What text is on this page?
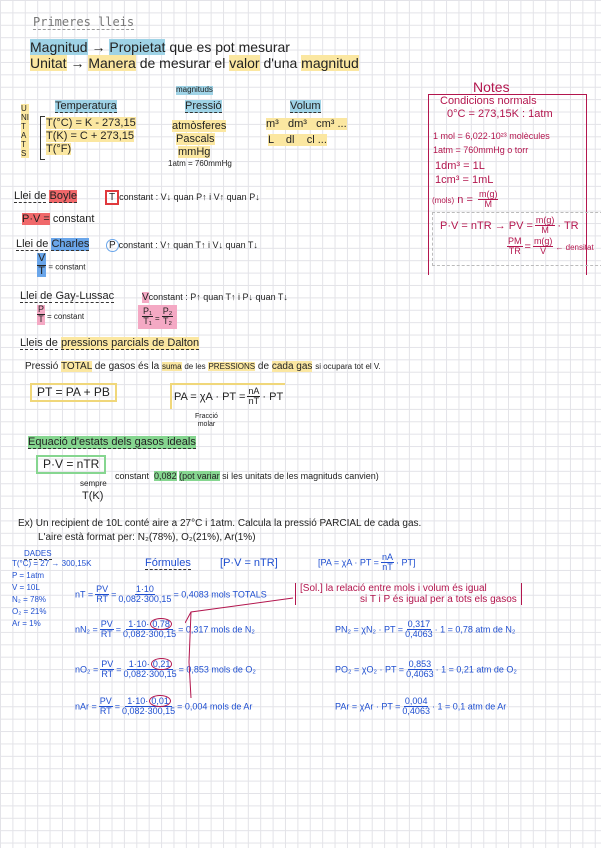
Primeres lleis
Magnitud → Propietat que es pot mesurar
Unitat → Manera de mesurar el valor d'una magnitud
magnituds
UNITATS
Temperatura
T(°C) = K - 273,15
T(K) = C + 273,15
T(°F)
Pressió
atmòsferes
Pascals
mmHg
1atm = 760mmHg
Volum
m³   dm³   cm³ ...
L    dl    cl ...
Notes
Condicions normals
0°C = 273,15K : 1atm
1 mol = 6,022·10²³ molècules
1atm = 760mmHg o torr
1dm³ = 1L
1cm³ = 1mL
(mols) $n = \frac{m(g)}{M}$
P·V = nTR → PV = $\frac{m(g)}{M}$ · TR
$\frac{PM}{TR} = \frac{m(g)}{V}$ ← densitat
Llei de Boyle	T constant : V↓ quan P↑ i V↑ quan P↓
P·V = constant
Llei de Charles	P constant : V↑ quan T↑ i V↓ quan T↓
$\frac{V}{T}$ = constant
Llei de Gay-Lussac	Vconstant : P↑ quan T↑ i P↓ quan T↓
$\frac{P}{T}$ = constant	$\frac{\text{P₁}}{\text{T₁}} = \frac{\text{P₂}}{\text{T₂}}$
Lleis de pressions parcials de Dalton
Pressió TOTAL de gasos és la suma de les PRESSIONS de cada gas si ocupara tot el V.
PT = PA + PB	PA = χA · PT = $\frac{nA}{nT}$ · PT
Fracció
molar
Equació d'estats dels gasos ideals
P·V = nTR
constant 0,082 (pot variar si les unitats de les magnituds canvien)
sempre
T(K)
Ex) Un recipient de 10L conté aire a 27°C i 1atm. Calcula la pressió PARCIAL de cada gas.
L'aire està format per: N₂(78%), O₂(21%), Ar(1%)
DADES
T(°C) = 27 → 300,15K
P = 1atm
V = 10L
N₂ = 78%
O₂ = 21%
Ar = 1%
Fórmules	[P·V = nTR]	[PA = χA · PT = $\frac{nA}{nT} \cdot PT$]
nT = $\frac{PV}{RT} = \frac{1\cdot 10}{0,082\cdot 300,15} = 0,4083$ mols TOTALS
$nN_2 = \frac{PV}{RT} = \frac{1\cdot 10\cdot 0,78}{0,082\cdot 300,15} = 0,317$ mols de N₂	PN₂ = χN₂ · PT = $\frac{0,317}{0,4063} \cdot 1 = 0,78$ atm de N₂
$nO_2 = \frac{PV}{RT} = \frac{1\cdot 10\cdot 0,21}{0,082\cdot 300,15} = 0,853$ mols de O₂	PO₂ = χO₂ · PT = $\frac{0,853}{0,4063} \cdot 1 = 0,21$ atm de O₂
nAr = $\frac{PV}{RT} = \frac{1\cdot 10\cdot 0,01}{0,082\cdot 300,15} = 0,004$ mols de Ar	PAr = χAr · PT = $\frac{0,004}{0,4063} \cdot 1 = 0,1$ atm de Ar
[Sol.] la relació entre mols i volum és igual
si T i P és igual per a tots els gasos
